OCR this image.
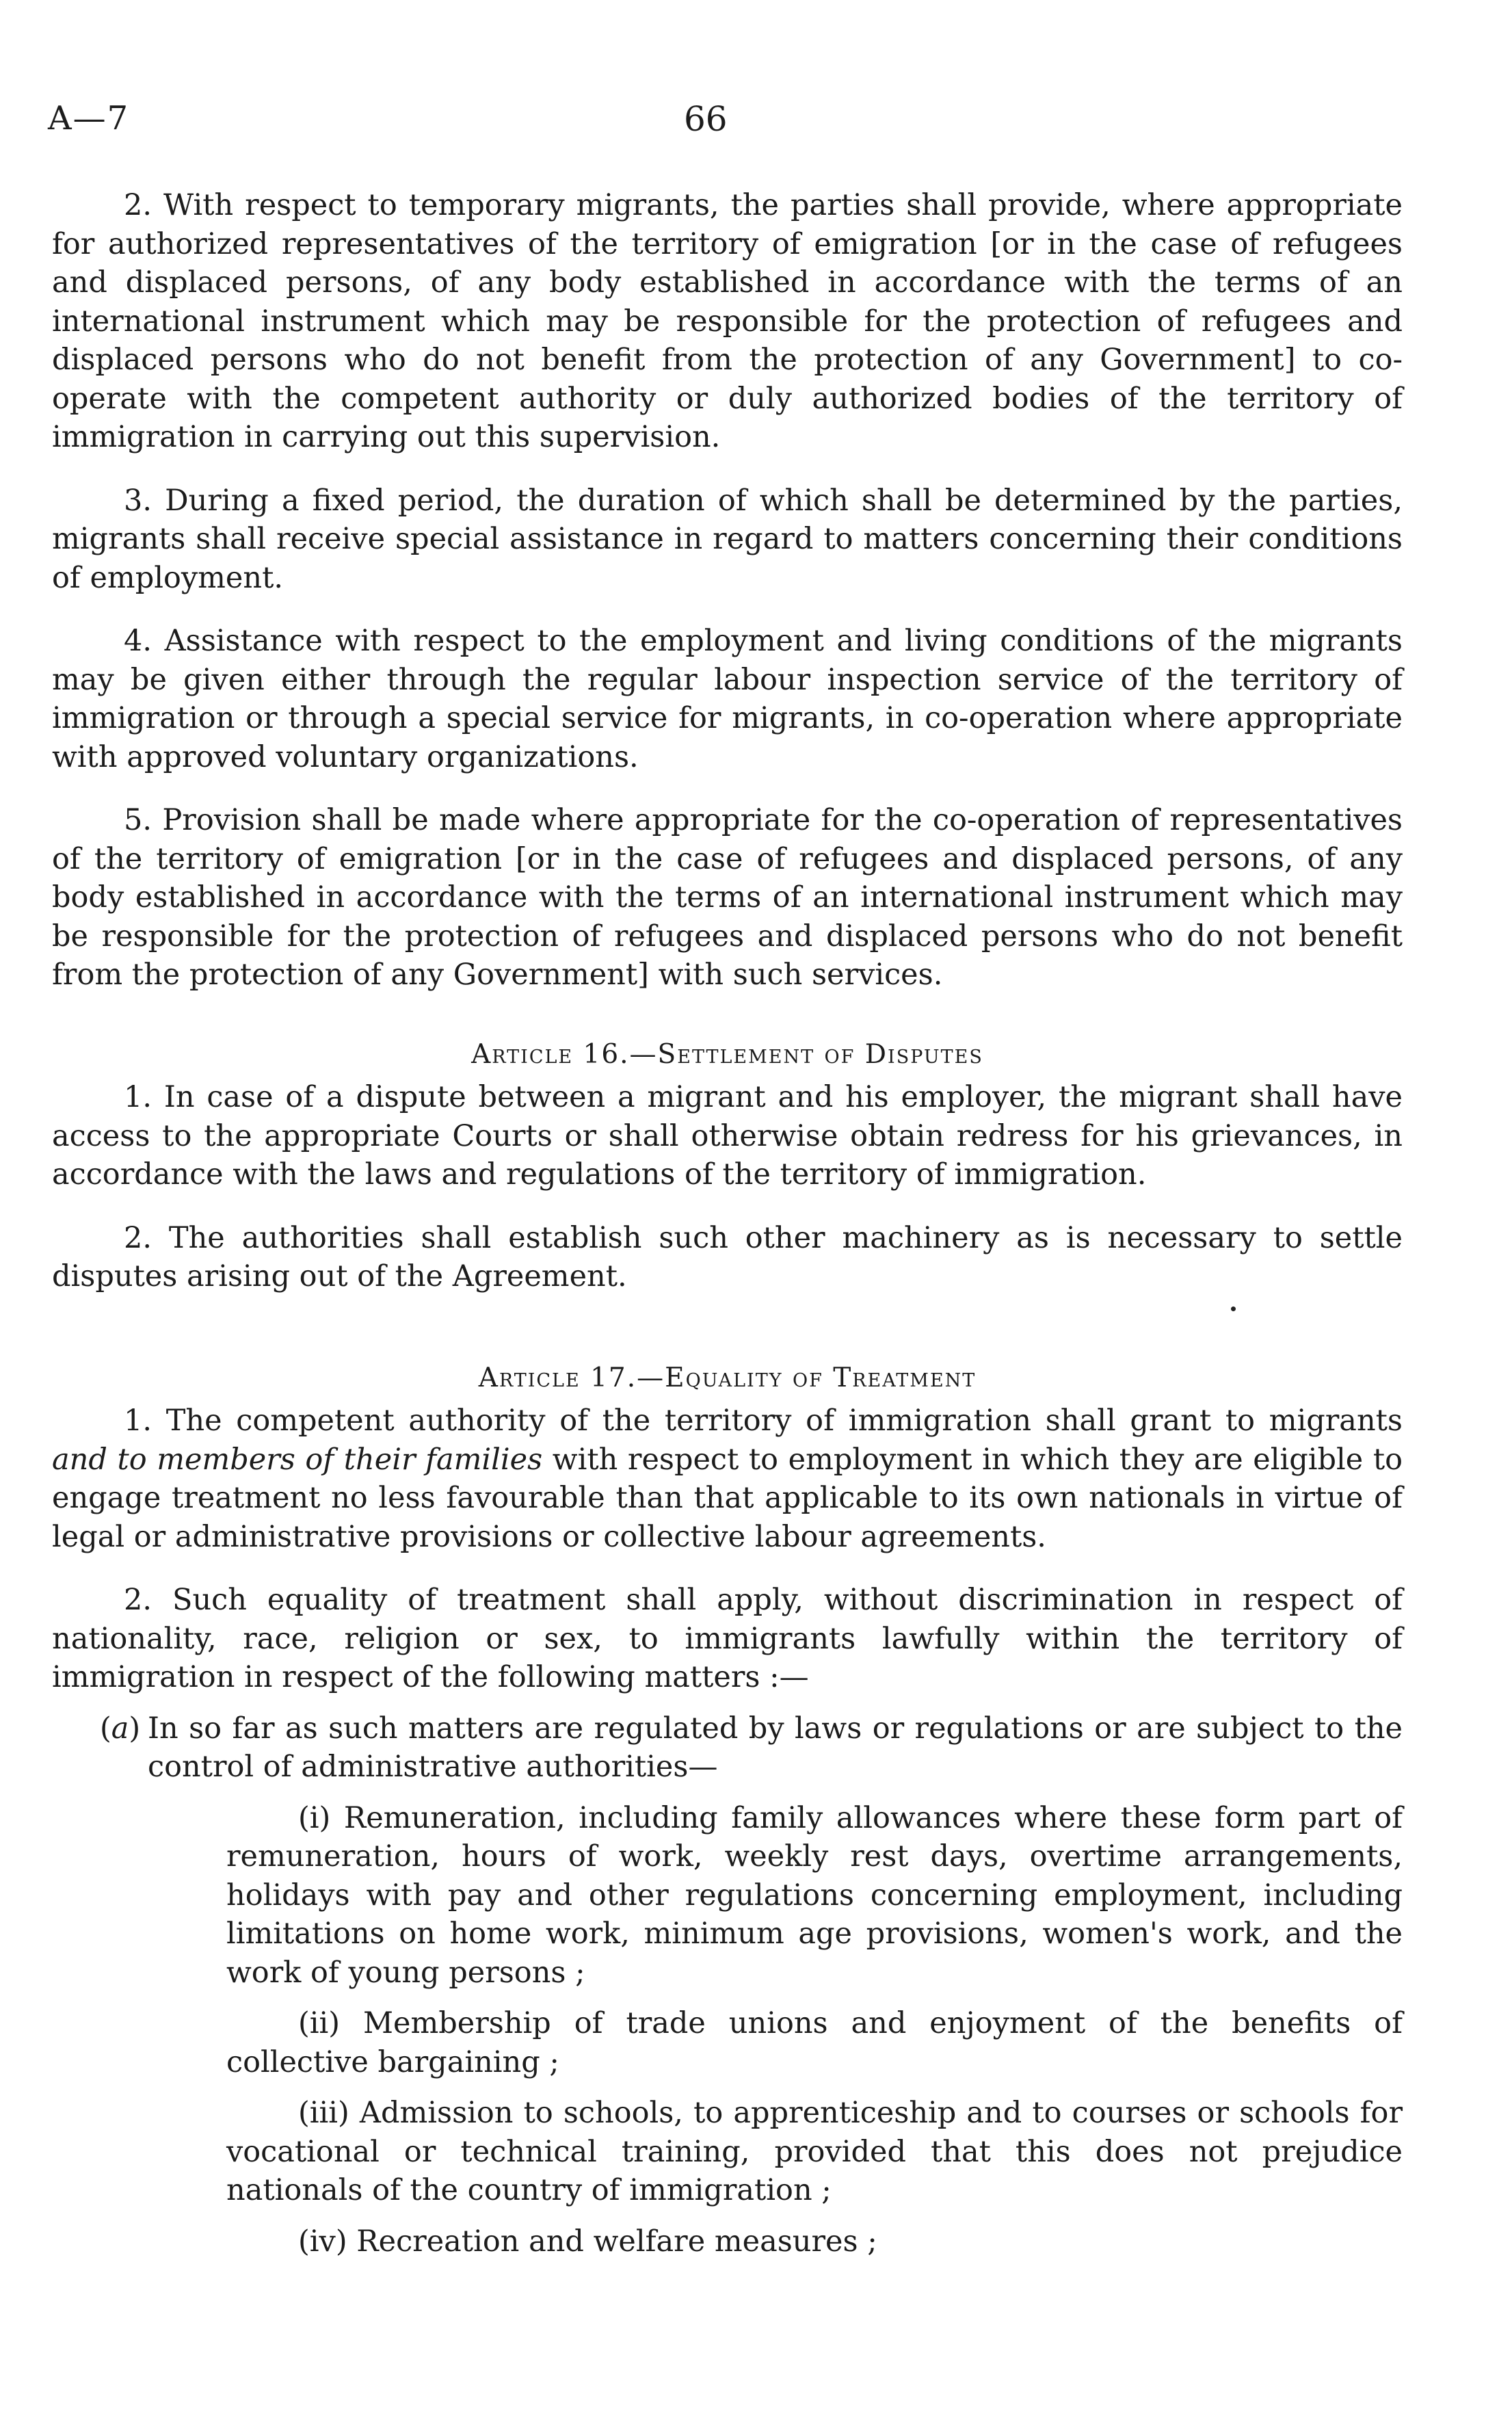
A—7	66

2. With respect to temporary migrants, the parties shall provide, where appropriate for authorized representatives of the territory of emigration [or in the case of refugees and displaced persons, of any body established in accordance with the terms of an international instrument which may be responsible for the protection of refugees and displaced persons who do not benefit from the protection of any Government] to co-operate with the competent authority or duly authorized bodies of the territory of immigration in carrying out this supervision.

3. During a fixed period, the duration of which shall be determined by the parties, migrants shall receive special assistance in regard to matters concerning their conditions of employment.

4. Assistance with respect to the employment and living conditions of the migrants may be given either through the regular labour inspection service of the territory of immigration or through a special service for migrants, in co-operation where appropriate with approved voluntary organizations.

5. Provision shall be made where appropriate for the co-operation of representatives of the territory of emigration [or in the case of refugees and displaced persons, of any body established in accordance with the terms of an international instrument which may be responsible for the protection of refugees and displaced persons who do not benefit from the protection of any Government] with such services.

Article 16.—Settlement of Disputes

1. In case of a dispute between a migrant and his employer, the migrant shall have access to the appropriate Courts or shall otherwise obtain redress for his grievances, in accordance with the laws and regulations of the territory of immigration.

2. The authorities shall establish such other machinery as is necessary to settle disputes arising out of the Agreement.

Article 17.—Equality of Treatment

1. The competent authority of the territory of immigration shall grant to migrants and to members of their families with respect to employment in which they are eligible to engage treatment no less favourable than that applicable to its own nationals in virtue of legal or administrative provisions or collective labour agreements.

2. Such equality of treatment shall apply, without discrimination in respect of nationality, race, religion or sex, to immigrants lawfully within the territory of immigration in respect of the following matters :—

(a) In so far as such matters are regulated by laws or regulations or are subject to the control of administrative authorities—

(i) Remuneration, including family allowances where these form part of remuneration, hours of work, weekly rest days, overtime arrangements, holidays with pay and other regulations concerning employment, including limitations on home work, minimum age provisions, women's work, and the work of young persons ;

(ii) Membership of trade unions and enjoyment of the benefits of collective bargaining ;

(iii) Admission to schools, to apprenticeship and to courses or schools for vocational or technical training, provided that this does not prejudice nationals of the country of immigration ;

(iv) Recreation and welfare measures ;
